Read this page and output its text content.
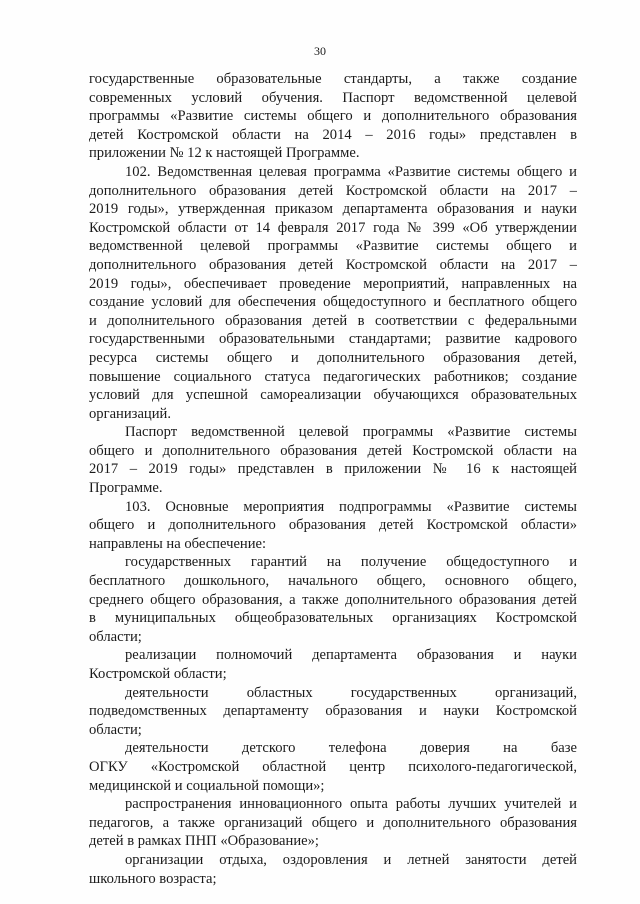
30
государственные образовательные стандарты, а также создание
современных условий обучения. Паспорт ведомственной целевой
программы «Развитие системы общего и дополнительного образования
детей Костромской области на 2014 – 2016 годы» представлен в
приложении № 12 к настоящей Программе.
102. Ведомственная целевая программа «Развитие системы общего и
дополнительного образования детей Костромской области на 2017 –
2019 годы», утвержденная приказом департамента образования и науки
Костромской области от 14 февраля 2017 года № 399 «Об утверждении
ведомственной целевой программы «Развитие системы общего и
дополнительного образования детей Костромской области на 2017 –
2019 годы», обеспечивает проведение мероприятий, направленных на
создание условий для обеспечения общедоступного и бесплатного общего
и дополнительного образования детей в соответствии с федеральными
государственными образовательными стандартами; развитие кадрового
ресурса системы общего и дополнительного образования детей,
повышение социального статуса педагогических работников; создание
условий для успешной самореализации обучающихся образовательных
организаций.
Паспорт ведомственной целевой программы «Развитие системы
общего и дополнительного образования детей Костромской области на
2017 – 2019 годы» представлен в приложении № 16 к настоящей
Программе.
103. Основные мероприятия подпрограммы «Развитие системы
общего и дополнительного образования детей Костромской области»
направлены на обеспечение:
государственных гарантий на получение общедоступного и
бесплатного дошкольного, начального общего, основного общего,
среднего общего образования, а также дополнительного образования детей
в муниципальных общеобразовательных организациях Костромской
области;
реализации полномочий департамента образования и науки
Костромской области;
деятельности областных государственных организаций,
подведомственных департаменту образования и науки Костромской
области;
деятельности детского телефона доверия на базе
ОГКУ «Костромской областной центр психолого-педагогической,
медицинской и социальной помощи»;
распространения инновационного опыта работы лучших учителей и
педагогов, а также организаций общего и дополнительного образования
детей в рамках ПНП «Образование»;
организации отдыха, оздоровления и летней занятости детей
школьного возраста;
